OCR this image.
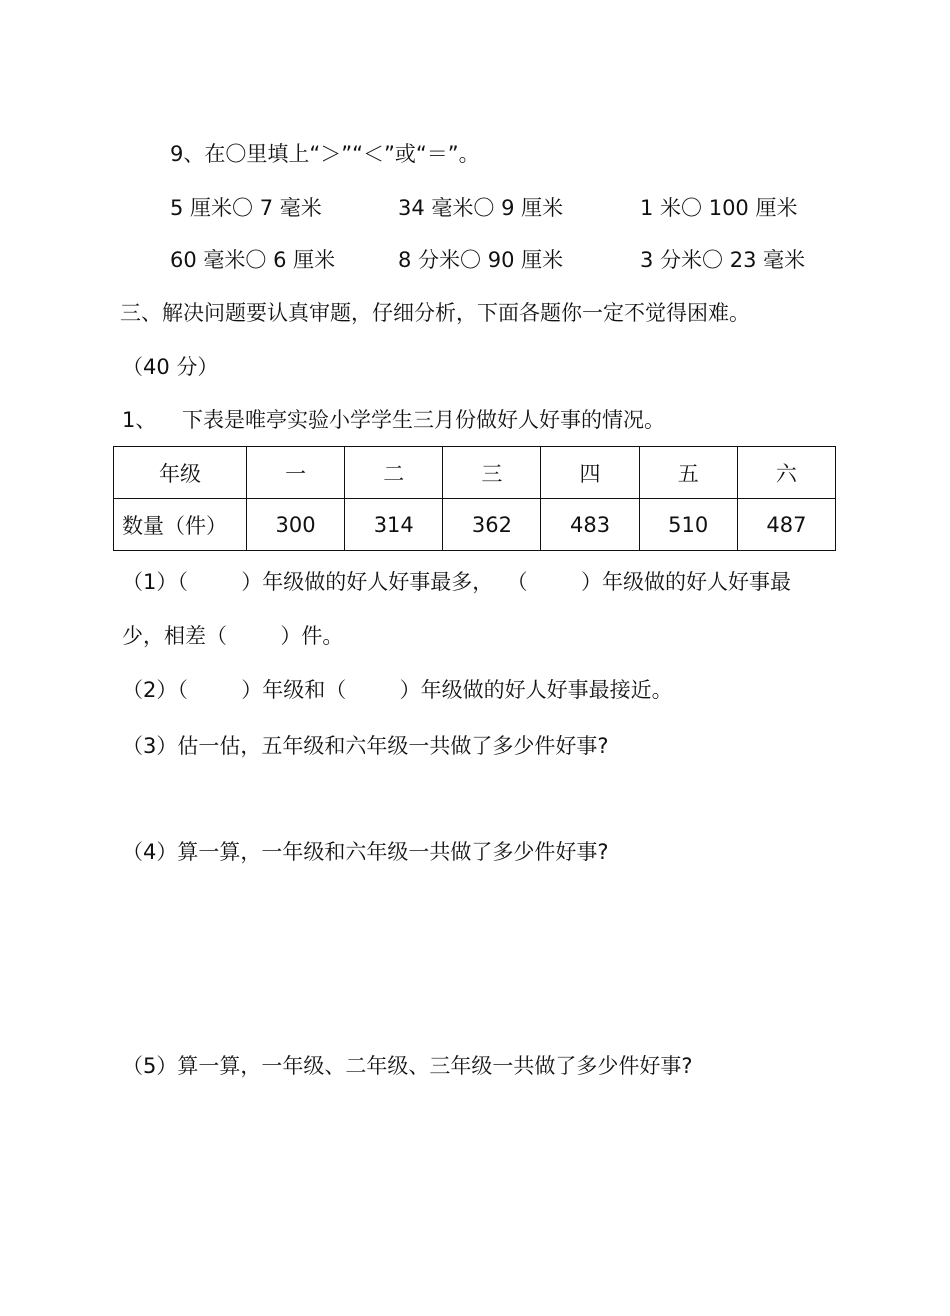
9、在〇里填上“＞”“＜”或“＝”。
5 厘米〇 7 毫米	34 毫米〇 9 厘米	1 米〇 100 厘米
60 毫米〇 6 厘米	8 分米〇 90 厘米	3 分米〇 23 毫米
三、解决问题要认真审题，仔细分析，下面各题你一定不觉得困难。
（40 分）
1、 下表是唯亭实验小学学生三月份做好人好事的情况。
年级	一	二	三	四	五	六
数量（件）	300	314	362	483	510	487
（1）（        ）年级做的好人好事最多，  （        ）年级做的好人好事最
少，相差（        ）件。
（2）（        ）年级和（        ）年级做的好人好事最接近。
（3）估一估，五年级和六年级一共做了多少件好事?
（4）算一算，一年级和六年级一共做了多少件好事?
（5）算一算，一年级、二年级、三年级一共做了多少件好事?
